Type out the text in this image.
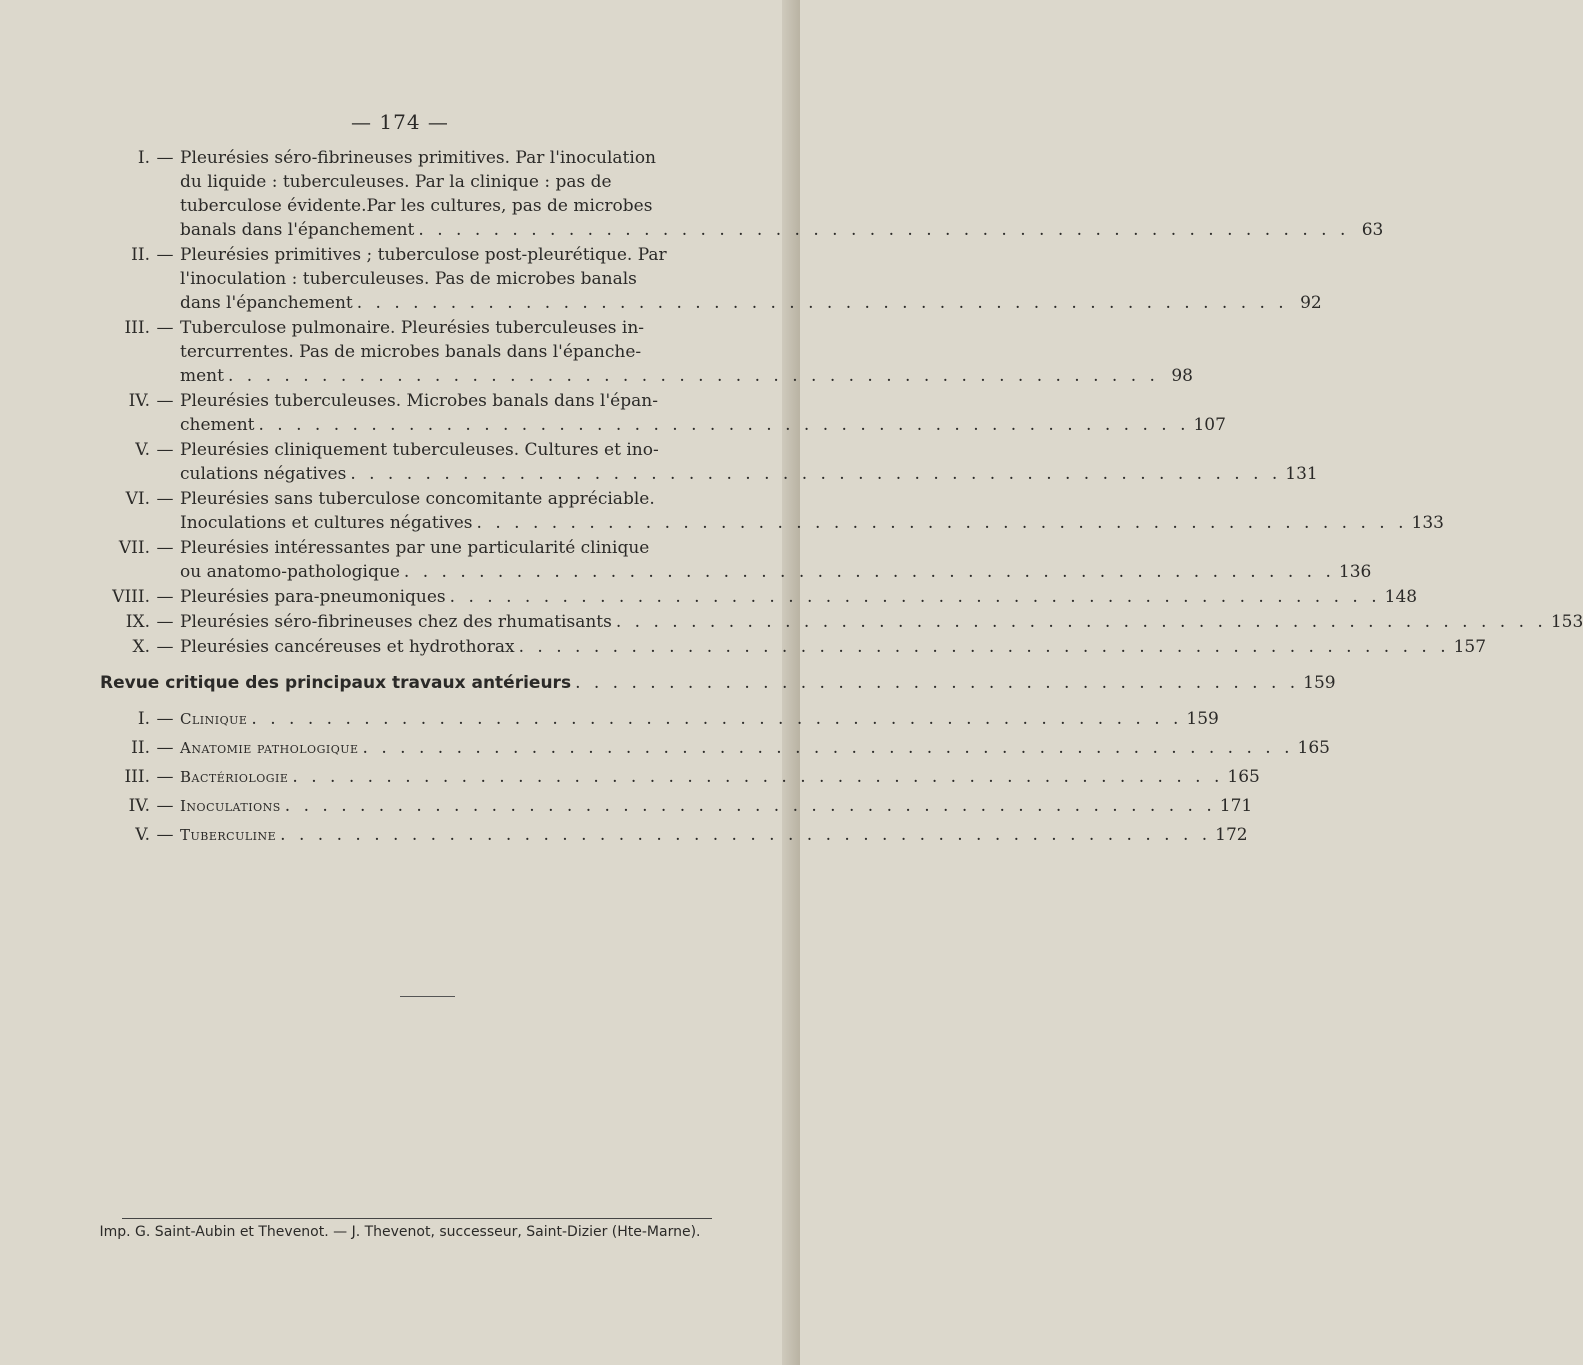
— 174 —
I. — Pleurésies séro-fibrineuses primitives. Par l'inoculation
du liquide : tuberculeuses. Par la clinique : pas de
tuberculose évidente.Par les cultures, pas de microbes
banals dans l'épanchement . . .	63
II. — Pleurésies primitives ; tuberculose post-pleurétique. Par
l'inoculation : tuberculeuses. Pas de microbes banals
dans l'épanchement . . .	92
III. — Tuberculose pulmonaire. Pleurésies tuberculeuses in-
tercurrentes. Pas de microbes banals dans l'épanche-
ment . . .	98
IV. — Pleurésies tuberculeuses. Microbes banals dans l'épan-
chement . . .	107
V. — Pleurésies cliniquement tuberculeuses. Cultures et ino-
culations négatives . . .	131
VI. — Pleurésies sans tuberculose concomitante appréciable.
Inoculations et cultures négatives . . .	133
VII. — Pleurésies intéressantes par une particularité clinique
ou anatomo-pathologique . . .	136
VIII. — Pleurésies para-pneumoniques . . .	148
IX. — Pleurésies séro-fibrineuses chez des rhumatisants . . .	153
X. — Pleurésies cancéreuses et hydrothorax . . .	157
Revue critique des principaux travaux antérieurs . . .	159
I. — Clinique . . .	159
II. — Anatomie pathologique . . .	165
III. — Bactériologie . . .	165
IV. — Inoculations . . .	171
V. — Tuberculine . . .	172
Imp. G. Saint-Aubin et Thevenot. — J. Thevenot, successeur, Saint-Dizier (Hte-Marne).
